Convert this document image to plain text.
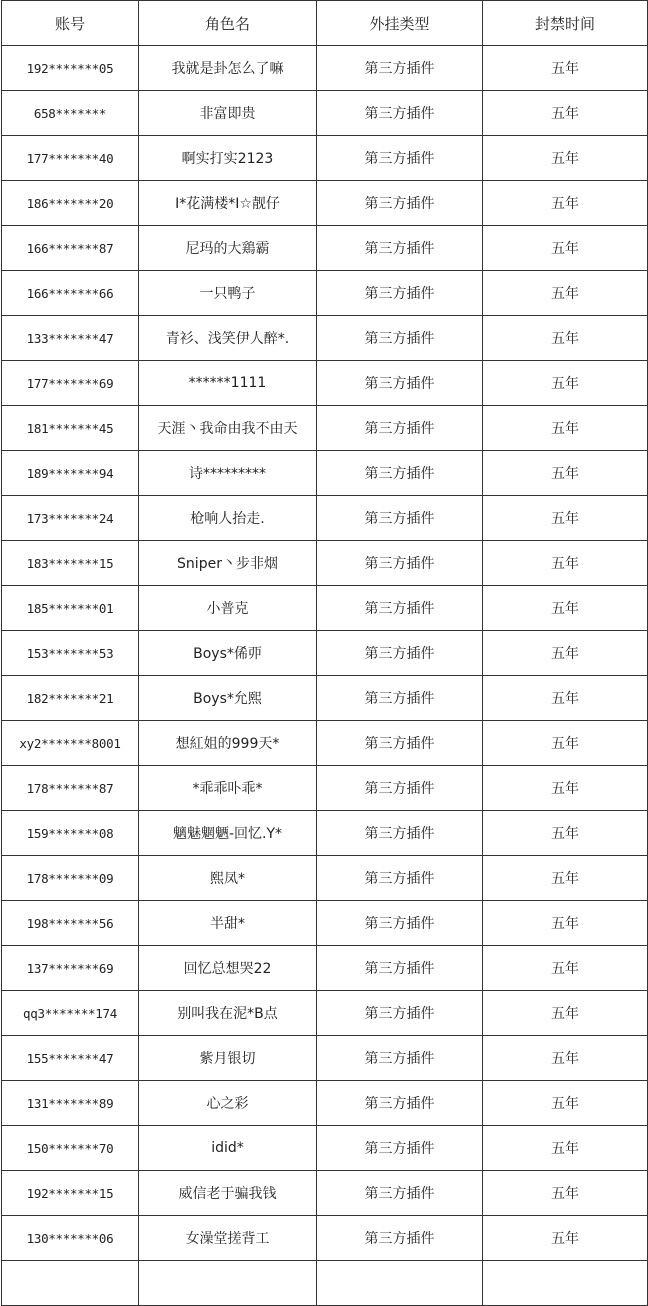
账号	角色名	外挂类型	封禁时间
192*******05	我就是卦怎么了嘛	第三方插件	五年
658*******	非富即贵	第三方插件	五年
177*******40	啊实打实2123	第三方插件	五年
186*******20	I*花满楼*I☆靓仔	第三方插件	五年
166*******87	尼玛的大鶏霸	第三方插件	五年
166*******66	一只鸭子	第三方插件	五年
133*******47	青衫、浅笑伊人醉*.	第三方插件	五年
177*******69	******1111	第三方插件	五年
181*******45	天涯丶我命由我不由天	第三方插件	五年
189*******94	诗*********	第三方插件	五年
173*******24	枪响人抬走.	第三方插件	五年
183*******15	Sniper丶步非烟	第三方插件	五年
185*******01	小普克	第三方插件	五年
153*******53	Boys*俙丣	第三方插件	五年
182*******21	Boys*允熙	第三方插件	五年
xy2*******8001	想紅姐的999天*	第三方插件	五年
178*******87	*乖乖卟乖*	第三方插件	五年
159*******08	魑魅魍魉-回忆.Y*	第三方插件	五年
178*******09	熙凤*	第三方插件	五年
198*******56	半甜*	第三方插件	五年
137*******69	回忆总想哭22	第三方插件	五年
qq3*******174	别叫我在泥*B点	第三方插件	五年
155*******47	紫月银切	第三方插件	五年
131*******89	心之彩	第三方插件	五年
150*******70	idid*	第三方插件	五年
192*******15	威信老于骗我钱	第三方插件	五年
130*******06	女澡堂搓背工	第三方插件	五年
